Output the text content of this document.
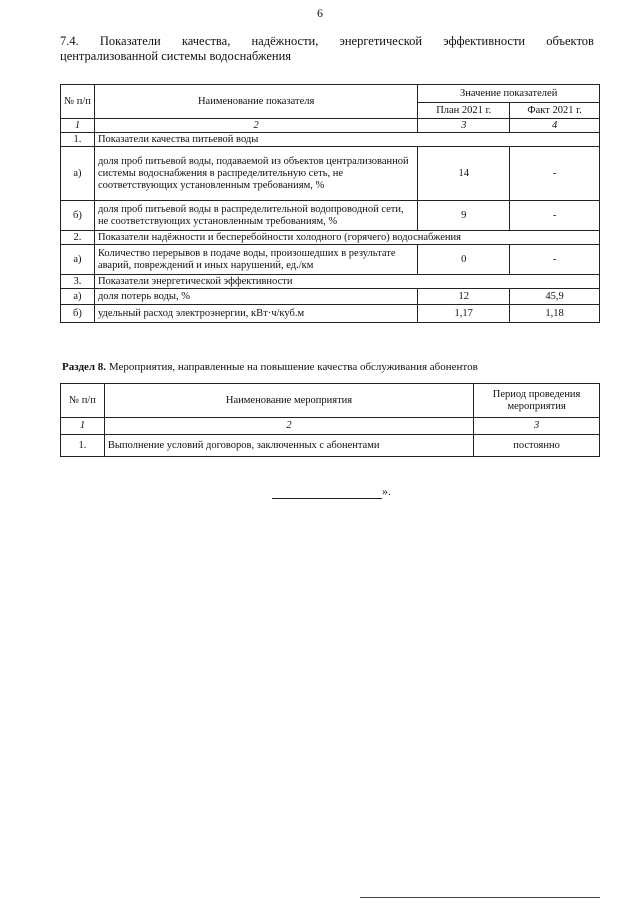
6
7.4. Показатели качества, надёжности, энергетической эффективности объектов
централизованной системы водоснабжения
№ п/п	Наименование показателя	Значение показателей	
		План 2021 г.	Факт 2021 г.
1	2	3	4
1.	Показатели качества питьевой воды		
а)	доля проб питьевой воды, подаваемой из объектов централизованной системы водоснабжения в распределительную сеть, не соответствующих установленным требованиям, %	14	-
б)	доля проб питьевой воды в распределительной водопроводной сети, не соответствующих установленным требованиям, %	9	-
2.	Показатели надёжности и бесперебойности холодного (горячего) водоснабжения		
а)	Количество перерывов в подаче воды, произошедших в результате аварий, повреждений и иных нарушений, ед./км	0	-
3.	Показатели энергетической эффективности		
а)	доля потерь воды, %	12	45,9
б)	удельный расход электроэнергии, кВт·ч/куб.м	1,17	1,18
Раздел 8. Мероприятия, направленные на повышение качества обслуживания абонентов
№ п/п	Наименование мероприятия	Период проведения мероприятия
1	2	3
1.	Выполнение условий договоров, заключенных с абонентами	постоянно
».
